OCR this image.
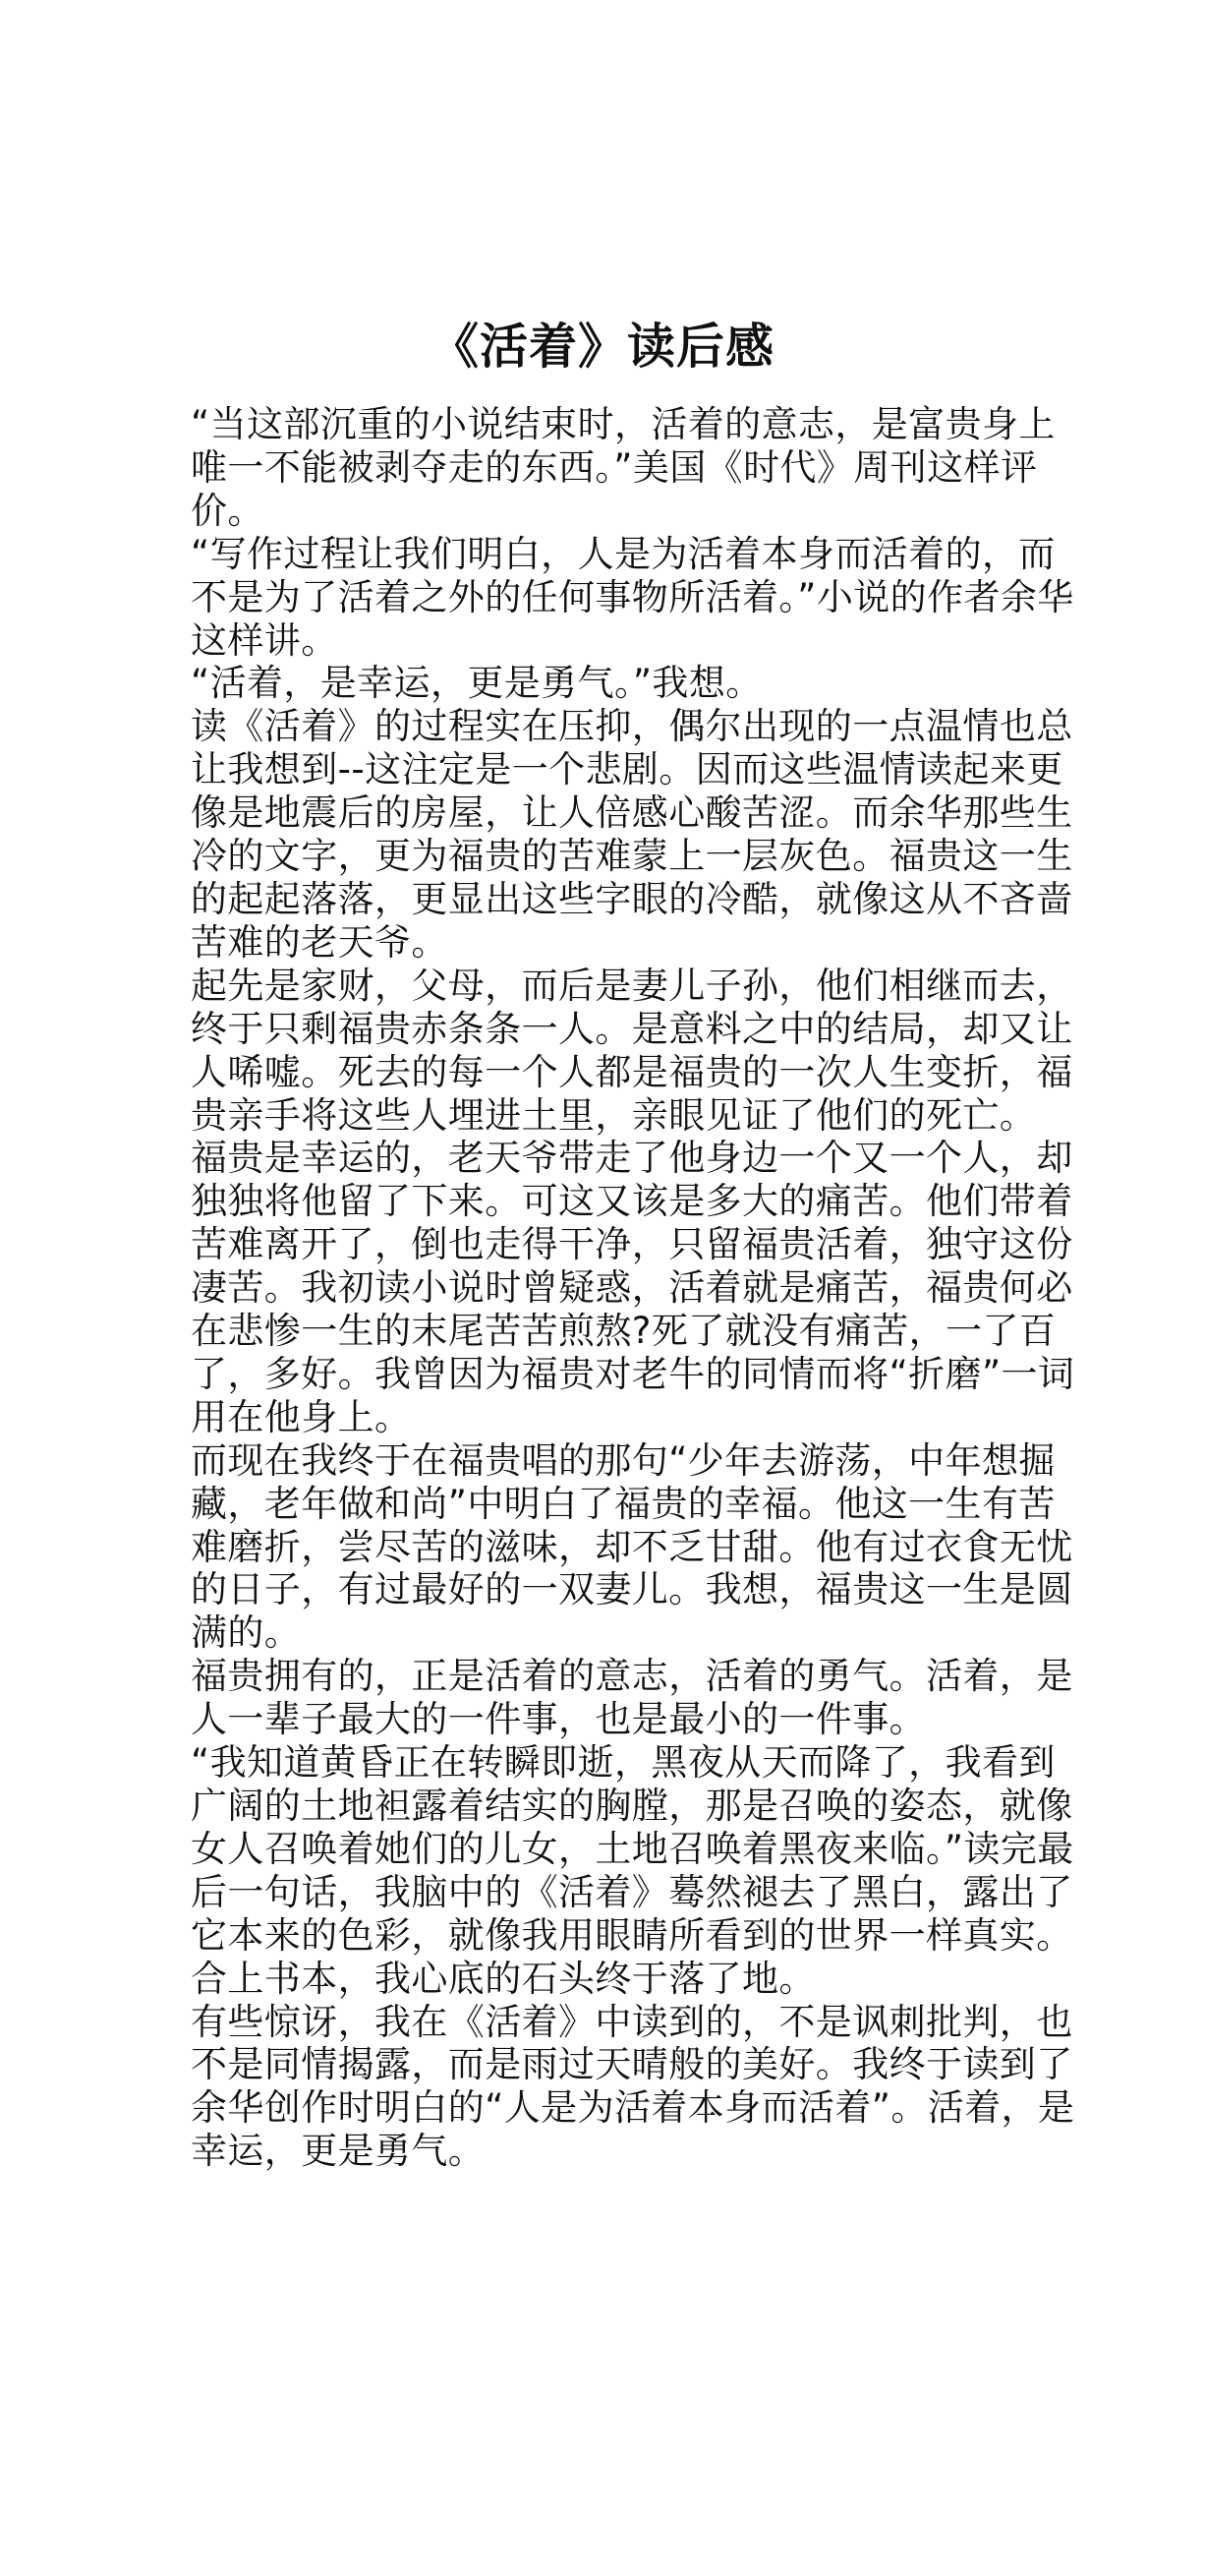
《活着》读后感

“当这部沉重的小说结束时，活着的意志，是富贵身上唯一不能被剥夺走的东西。”美国《时代》周刊这样评价。

“写作过程让我们明白，人是为活着本身而活着的，而不是为了活着之外的任何事物所活着。”小说的作者余华这样讲。

“活着，是幸运，更是勇气。”我想。

读《活着》的过程实在压抑，偶尔出现的一点温情也总让我想到--这注定是一个悲剧。因而这些温情读起来更像是地震后的房屋，让人倍感心酸苦涩。而余华那些生冷的文字，更为福贵的苦难蒙上一层灰色。福贵这一生的起起落落，更显出这些字眼的冷酷，就像这从不吝啬苦难的老天爷。

起先是家财，父母，而后是妻儿子孙，他们相继而去，终于只剩福贵赤条条一人。是意料之中的结局，却又让人唏嘘。死去的每一个人都是福贵的一次人生变折，福贵亲手将这些人埋进土里，亲眼见证了他们的死亡。

福贵是幸运的，老天爷带走了他身边一个又一个人，却独独将他留了下来。可这又该是多大的痛苦。他们带着苦难离开了，倒也走得干净，只留福贵活着，独守这份凄苦。我初读小说时曾疑惑，活着就是痛苦，福贵何必在悲惨一生的末尾苦苦煎熬?死了就没有痛苦，一了百了，多好。我曾因为福贵对老牛的同情而将“折磨”一词用在他身上。

而现在我终于在福贵唱的那句“少年去游荡，中年想掘藏，老年做和尚”中明白了福贵的幸福。他这一生有苦难磨折，尝尽苦的滋味，却不乏甘甜。他有过衣食无忧的日子，有过最好的一双妻儿。我想，福贵这一生是圆满的。

福贵拥有的，正是活着的意志，活着的勇气。活着，是人一辈子最大的一件事，也是最小的一件事。

“我知道黄昏正在转瞬即逝，黑夜从天而降了，我看到广阔的土地袒露着结实的胸膛，那是召唤的姿态，就像女人召唤着她们的儿女，土地召唤着黑夜来临。”读完最后一句话，我脑中的《活着》蓦然褪去了黑白，露出了它本来的色彩，就像我用眼睛所看到的世界一样真实。合上书本，我心底的石头终于落了地。

有些惊讶，我在《活着》中读到的，不是讽刺批判，也不是同情揭露，而是雨过天晴般的美好。我终于读到了余华创作时明白的“人是为活着本身而活着”。活着，是幸运，更是勇气。
